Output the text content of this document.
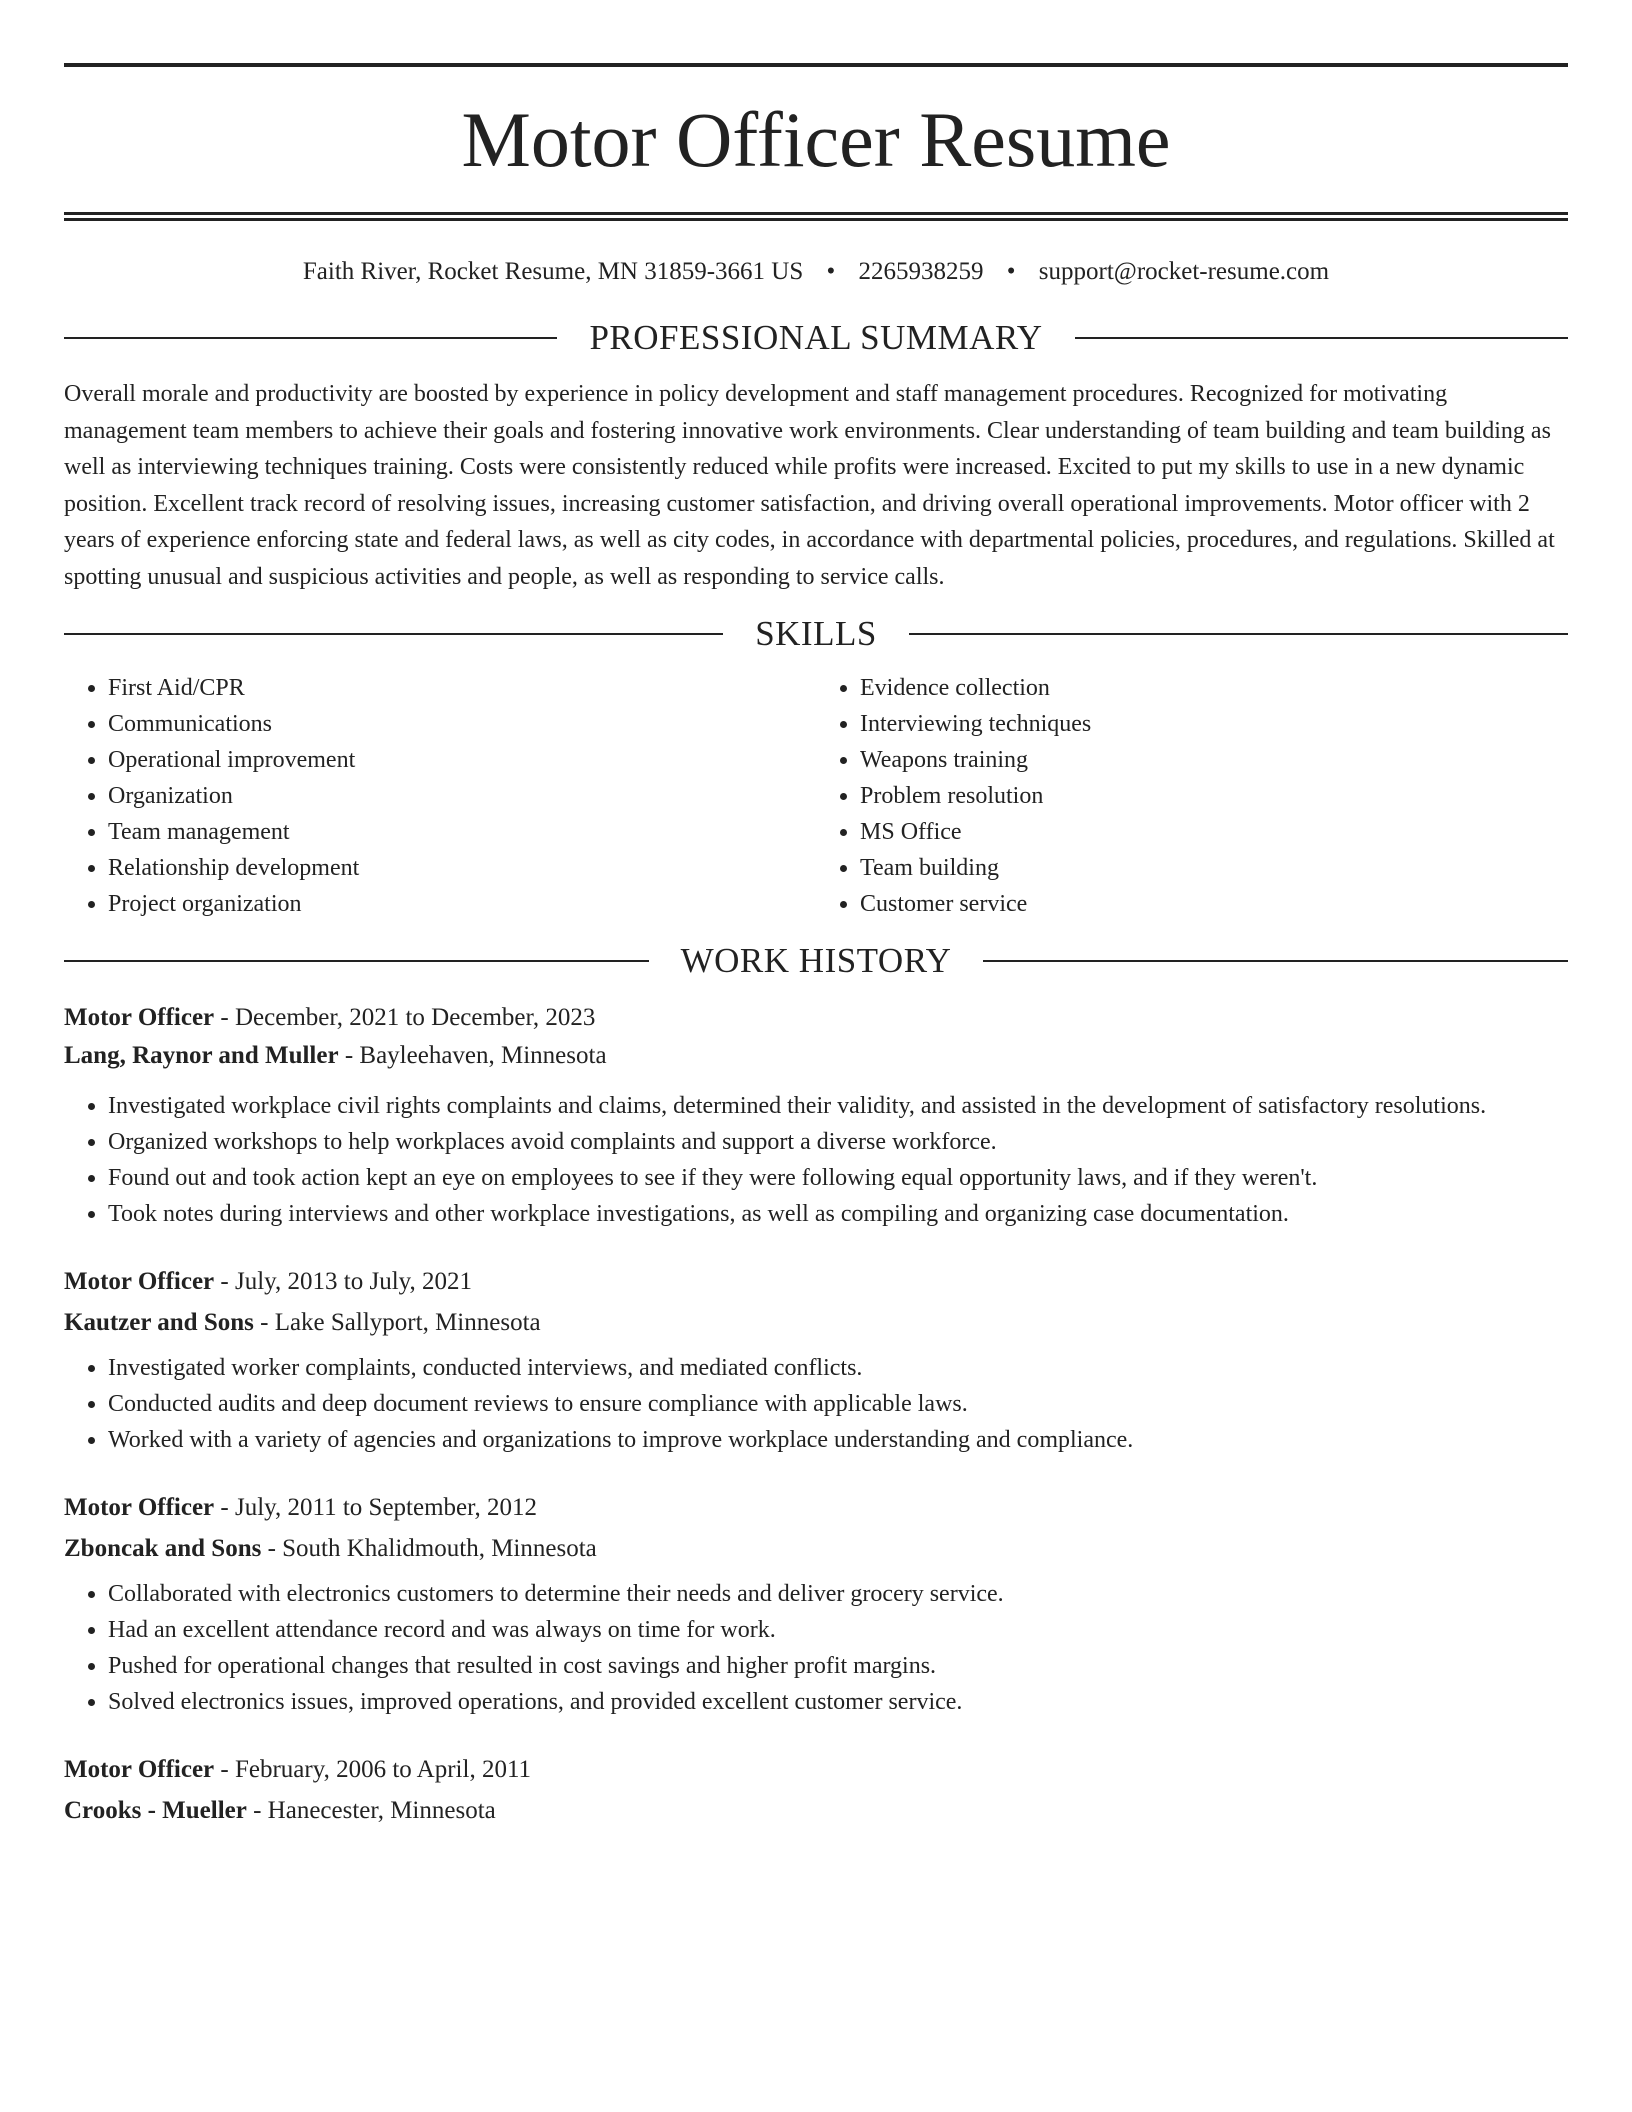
Motor Officer Resume
Faith River, Rocket Resume, MN 31859-3661 US • 2265938259 • support@rocket-resume.com
PROFESSIONAL SUMMARY
Overall morale and productivity are boosted by experience in policy development and staff management procedures. Recognized for motivating management team members to achieve their goals and fostering innovative work environments. Clear understanding of team building and team building as well as interviewing techniques training. Costs were consistently reduced while profits were increased. Excited to put my skills to use in a new dynamic position. Excellent track record of resolving issues, increasing customer satisfaction, and driving overall operational improvements. Motor officer with 2 years of experience enforcing state and federal laws, as well as city codes, in accordance with departmental policies, procedures, and regulations. Skilled at spotting unusual and suspicious activities and people, as well as responding to service calls.
SKILLS
• First Aid/CPR
• Communications
• Operational improvement
• Organization
• Team management
• Relationship development
• Project organization
• Evidence collection
• Interviewing techniques
• Weapons training
• Problem resolution
• MS Office
• Team building
• Customer service
WORK HISTORY
Motor Officer - December, 2021 to December, 2023
Lang, Raynor and Muller - Bayleehaven, Minnesota
• Investigated workplace civil rights complaints and claims, determined their validity, and assisted in the development of satisfactory resolutions.
• Organized workshops to help workplaces avoid complaints and support a diverse workforce.
• Found out and took action kept an eye on employees to see if they were following equal opportunity laws, and if they weren't.
• Took notes during interviews and other workplace investigations, as well as compiling and organizing case documentation.
Motor Officer - July, 2013 to July, 2021
Kautzer and Sons - Lake Sallyport, Minnesota
• Investigated worker complaints, conducted interviews, and mediated conflicts.
• Conducted audits and deep document reviews to ensure compliance with applicable laws.
• Worked with a variety of agencies and organizations to improve workplace understanding and compliance.
Motor Officer - July, 2011 to September, 2012
Zboncak and Sons - South Khalidmouth, Minnesota
• Collaborated with electronics customers to determine their needs and deliver grocery service.
• Had an excellent attendance record and was always on time for work.
• Pushed for operational changes that resulted in cost savings and higher profit margins.
• Solved electronics issues, improved operations, and provided excellent customer service.
Motor Officer - February, 2006 to April, 2011
Crooks - Mueller - Hanecester, Minnesota
